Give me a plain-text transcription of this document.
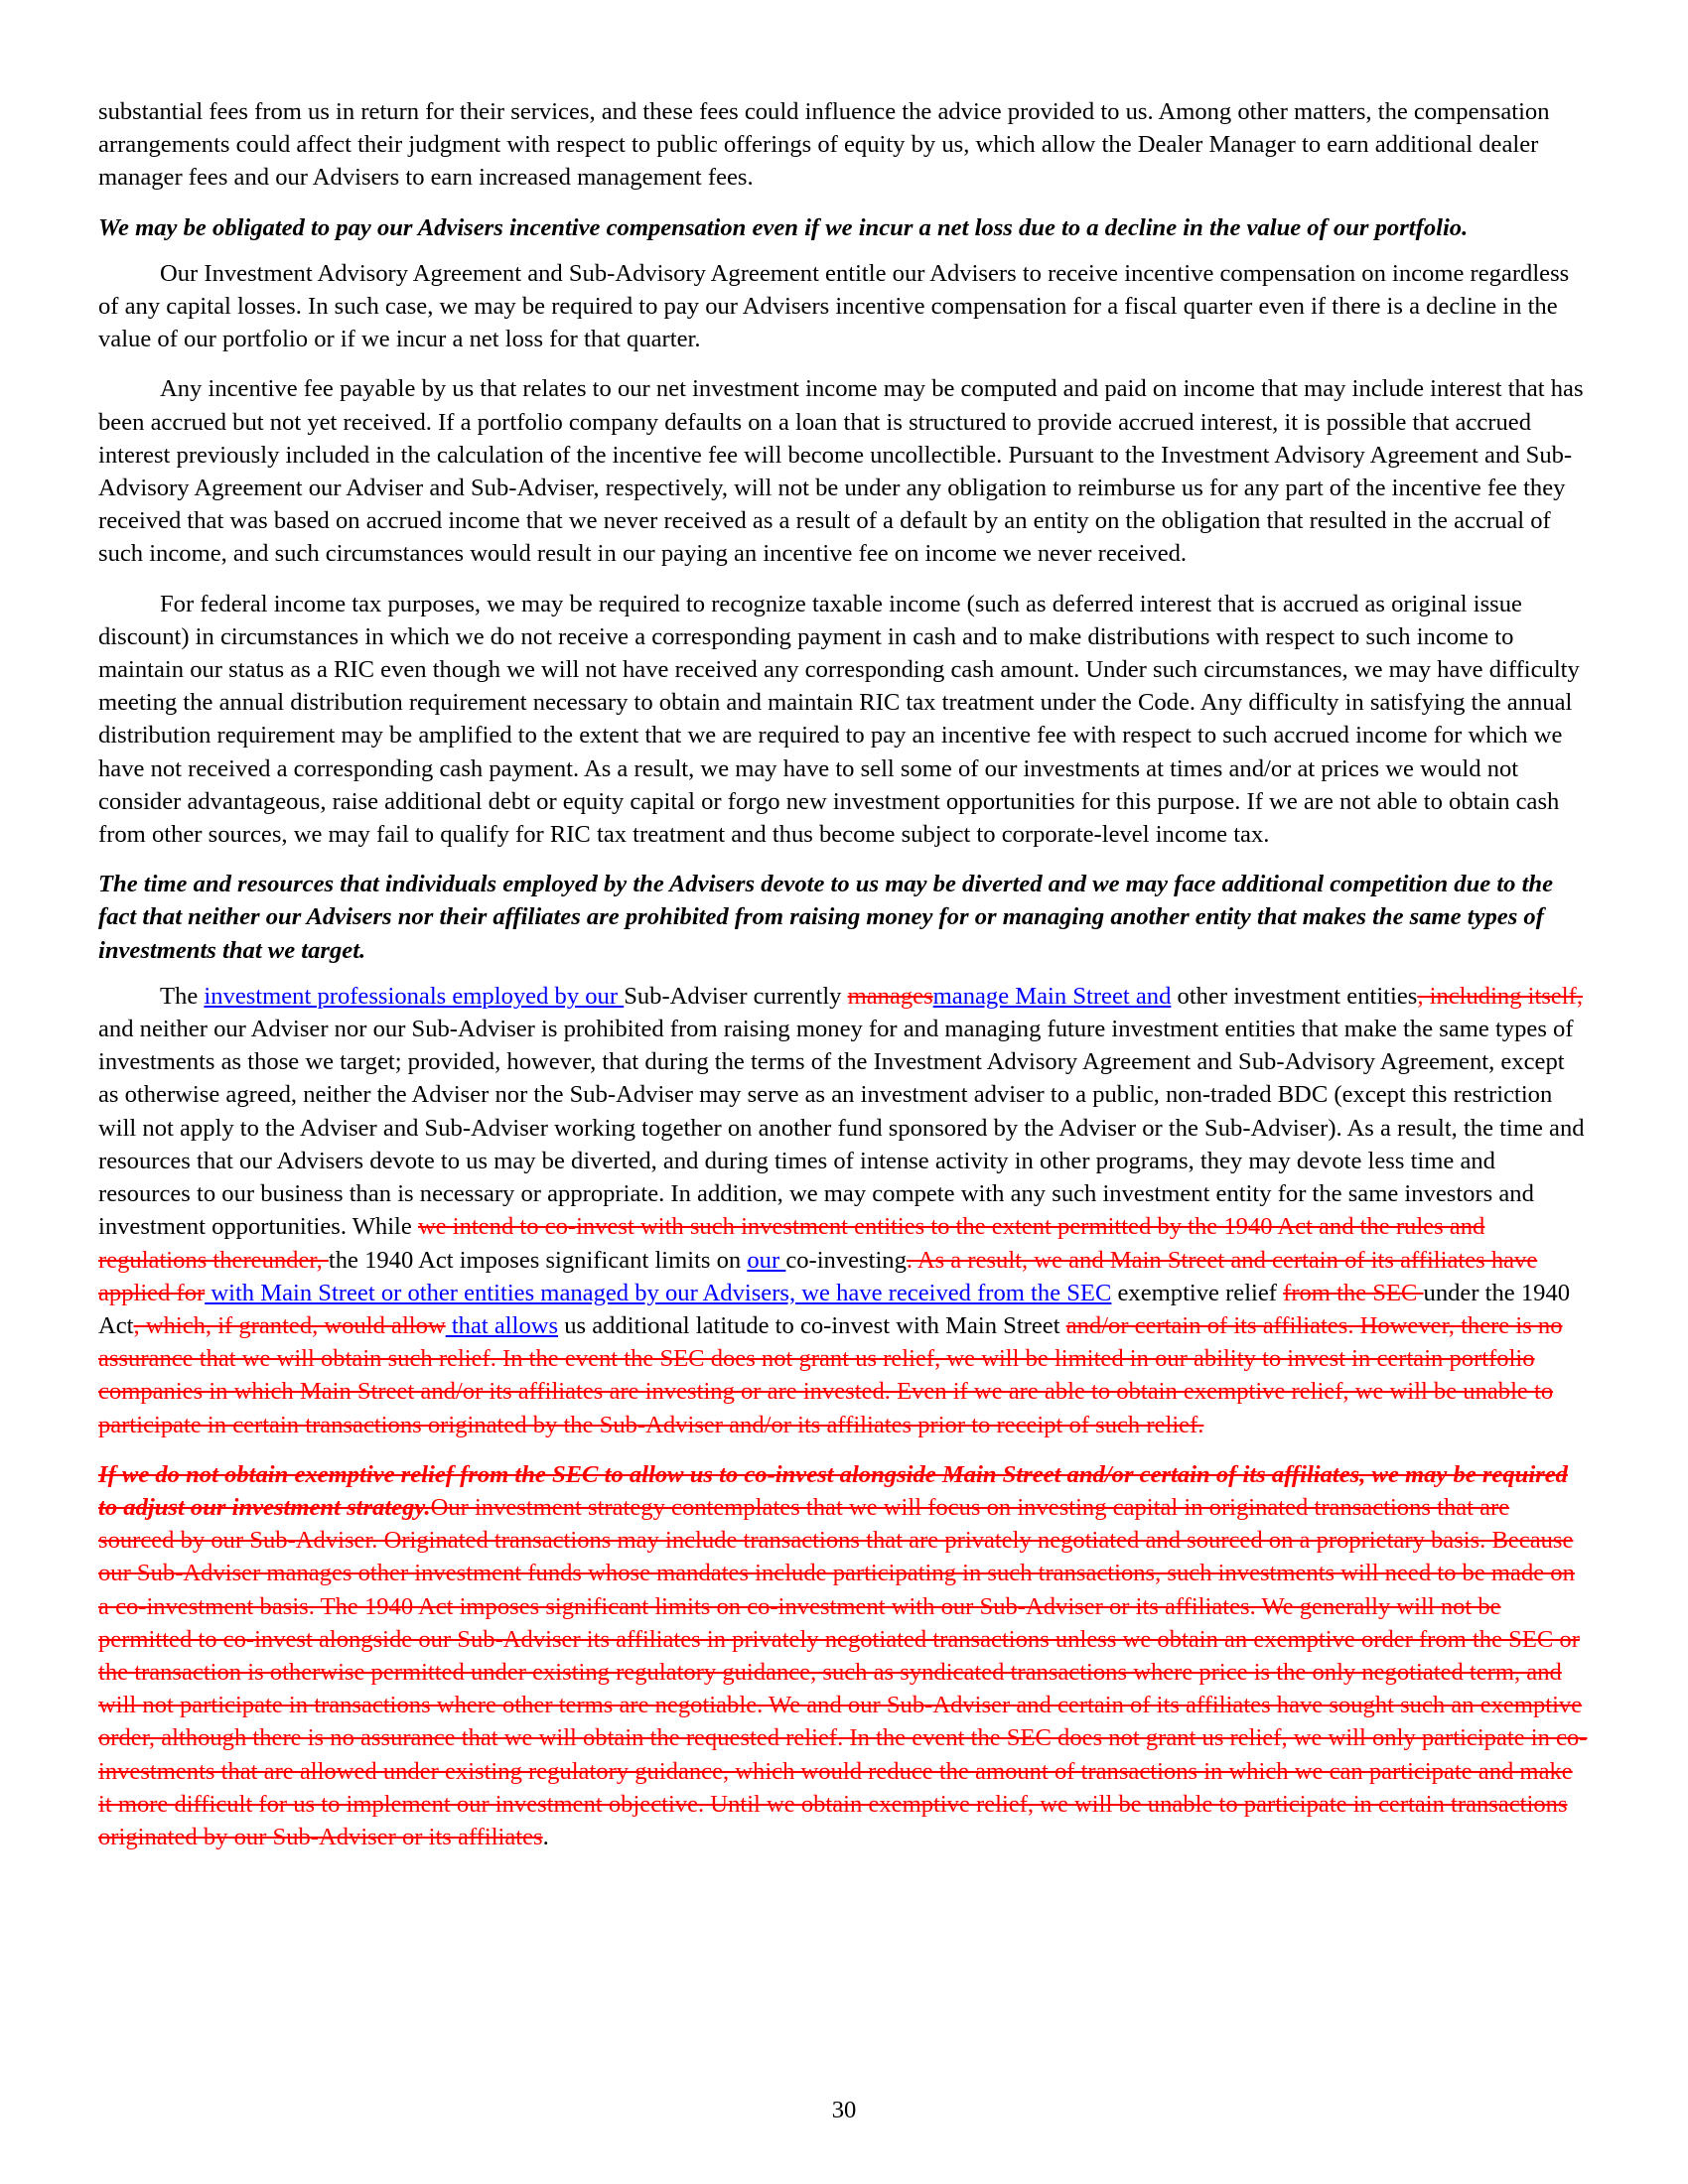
substantial fees from us in return for their services, and these fees could influence the advice provided to us. Among other matters, the compensation arrangements could affect their judgment with respect to public offerings of equity by us, which allow the Dealer Manager to earn additional dealer manager fees and our Advisers to earn increased management fees.

We may be obligated to pay our Advisers incentive compensation even if we incur a net loss due to a decline in the value of our portfolio.

Our Investment Advisory Agreement and Sub-Advisory Agreement entitle our Advisers to receive incentive compensation on income regardless of any capital losses. In such case, we may be required to pay our Advisers incentive compensation for a fiscal quarter even if there is a decline in the value of our portfolio or if we incur a net loss for that quarter.

Any incentive fee payable by us that relates to our net investment income may be computed and paid on income that may include interest that has been accrued but not yet received. If a portfolio company defaults on a loan that is structured to provide accrued interest, it is possible that accrued interest previously included in the calculation of the incentive fee will become uncollectible. Pursuant to the Investment Advisory Agreement and Sub-Advisory Agreement our Adviser and Sub-Adviser, respectively, will not be under any obligation to reimburse us for any part of the incentive fee they received that was based on accrued income that we never received as a result of a default by an entity on the obligation that resulted in the accrual of such income, and such circumstances would result in our paying an incentive fee on income we never received.

For federal income tax purposes, we may be required to recognize taxable income (such as deferred interest that is accrued as original issue discount) in circumstances in which we do not receive a corresponding payment in cash and to make distributions with respect to such income to maintain our status as a RIC even though we will not have received any corresponding cash amount. Under such circumstances, we may have difficulty meeting the annual distribution requirement necessary to obtain and maintain RIC tax treatment under the Code. Any difficulty in satisfying the annual distribution requirement may be amplified to the extent that we are required to pay an incentive fee with respect to such accrued income for which we have not received a corresponding cash payment. As a result, we may have to sell some of our investments at times and/or at prices we would not consider advantageous, raise additional debt or equity capital or forgo new investment opportunities for this purpose. If we are not able to obtain cash from other sources, we may fail to qualify for RIC tax treatment and thus become subject to corporate-level income tax.

The time and resources that individuals employed by the Advisers devote to us may be diverted and we may face additional competition due to the fact that neither our Advisers nor their affiliates are prohibited from raising money for or managing another entity that makes the same types of investments that we target.

The investment professionals employed by our Sub-Adviser currently managesmanage Main Street and other investment entities, including itself, and neither our Adviser nor our Sub-Adviser is prohibited from raising money for and managing future investment entities that make the same types of investments as those we target; provided, however, that during the terms of the Investment Advisory Agreement and Sub-Advisory Agreement, except as otherwise agreed, neither the Adviser nor the Sub-Adviser may serve as an investment adviser to a public, non-traded BDC (except this restriction will not apply to the Adviser and Sub-Adviser working together on another fund sponsored by the Adviser or the Sub-Adviser). As a result, the time and resources that our Advisers devote to us may be diverted, and during times of intense activity in other programs, they may devote less time and resources to our business than is necessary or appropriate. In addition, we may compete with any such investment entity for the same investors and investment opportunities. While we intend to co-invest with such investment entities to the extent permitted by the 1940 Act and the rules and regulations thereunder, the 1940 Act imposes significant limits on our co-investing. As a result, we and Main Street and certain of its affiliates have applied for with Main Street or other entities managed by our Advisers, we have received from the SEC exemptive relief from the SEC under the 1940 Act, which, if granted, would allow that allows us additional latitude to co-invest with Main Street and/or certain of its affiliates. However, there is no assurance that we will obtain such relief. In the event the SEC does not grant us relief, we will be limited in our ability to invest in certain portfolio companies in which Main Street and/or its affiliates are investing or are invested. Even if we are able to obtain exemptive relief, we will be unable to participate in certain transactions originated by the Sub-Adviser and/or its affiliates prior to receipt of such relief.

If we do not obtain exemptive relief from the SEC to allow us to co-invest alongside Main Street and/or certain of its affiliates, we may be required to adjust our investment strategy.Our investment strategy contemplates that we will focus on investing capital in originated transactions that are sourced by our Sub-Adviser. Originated transactions may include transactions that are privately negotiated and sourced on a proprietary basis. Because our Sub-Adviser manages other investment funds whose mandates include participating in such transactions, such investments will need to be made on a co-investment basis. The 1940 Act imposes significant limits on co-investment with our Sub-Adviser or its affiliates. We generally will not be permitted to co-invest alongside our Sub-Adviser its affiliates in privately negotiated transactions unless we obtain an exemptive order from the SEC or the transaction is otherwise permitted under existing regulatory guidance, such as syndicated transactions where price is the only negotiated term, and will not participate in transactions where other terms are negotiable. We and our Sub-Adviser and certain of its affiliates have sought such an exemptive order, although there is no assurance that we will obtain the requested relief. In the event the SEC does not grant us relief, we will only participate in co-investments that are allowed under existing regulatory guidance, which would reduce the amount of transactions in which we can participate and make it more difficult for us to implement our investment objective. Until we obtain exemptive relief, we will be unable to participate in certain transactions originated by our Sub-Adviser or its affiliates.

30
